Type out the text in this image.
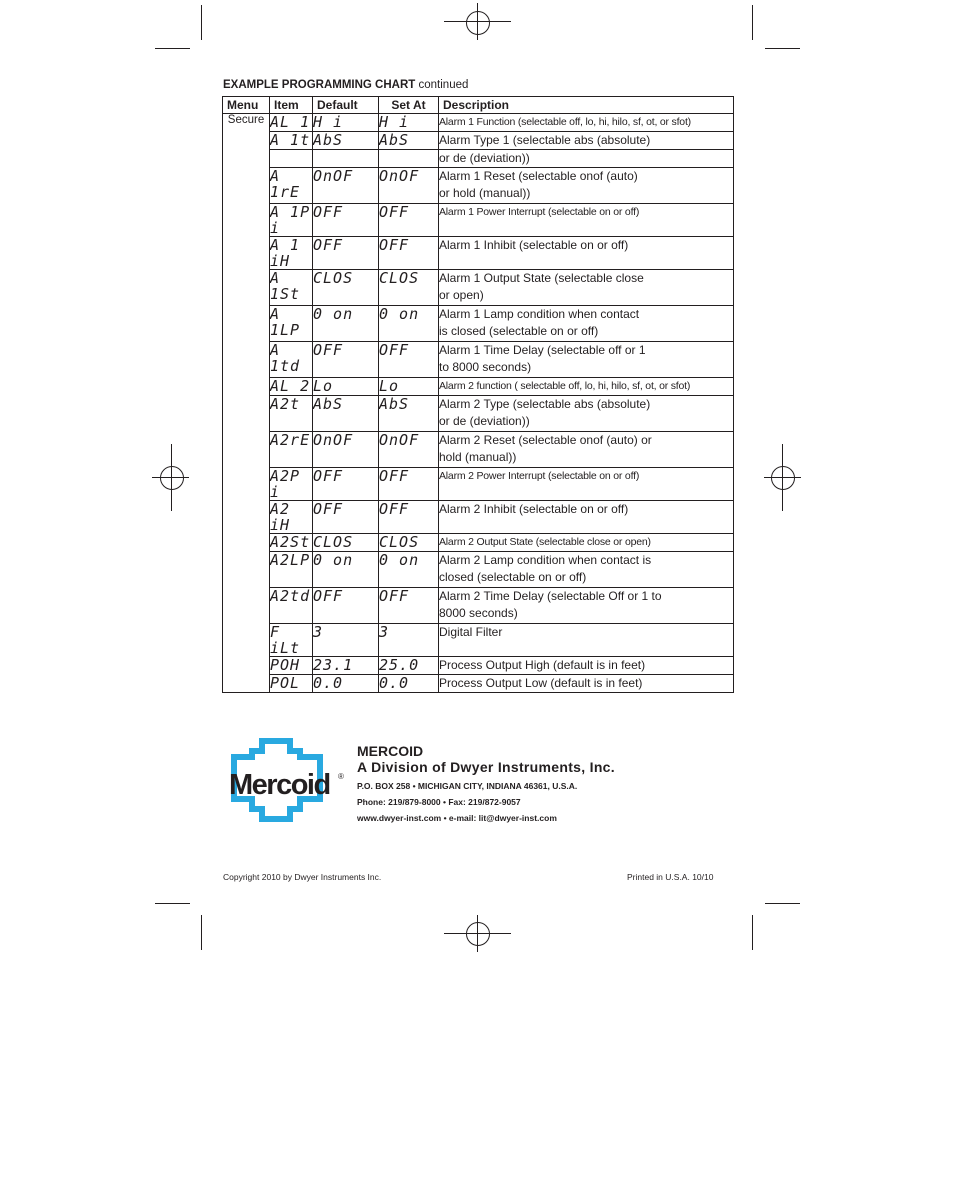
EXAMPLE PROGRAMMING CHART continued
Menu	Item	Default	Set At	Description
Secure	AL 1	H i	H i	Alarm 1 Function (selectable off, lo, hi, hilo, sf, ot, or sfot)

	A 1t	AbS	AbS	Alarm Type 1 (selectable abs (absolute)

				or de (deviation))

	A 1rE	OnOF	OnOF	Alarm 1 Reset (selectable onof (auto)
or hold (manual))

	A 1P i	OFF	OFF	Alarm 1 Power Interrupt (selectable on or off)

	A 1 iH	OFF	OFF	Alarm 1 Inhibit (selectable on or off)

	A 1St	CLOS	CLOS	Alarm 1 Output State (selectable close
or open)

	A 1LP	0 on	0 on	Alarm 1 Lamp condition when contact
is closed (selectable on or off)

	A 1td	OFF	OFF	Alarm 1 Time Delay (selectable off or 1
to 8000 seconds)

	AL 2	Lo	Lo	Alarm 2 function ( selectable off, lo, hi, hilo, sf, ot, or sfot)

	A2t	AbS	AbS	Alarm 2 Type (selectable abs (absolute)
or de (deviation))

	A2rE	OnOF	OnOF	Alarm 2 Reset (selectable onof (auto) or
hold (manual))

	A2P i	OFF	OFF	Alarm 2 Power Interrupt (selectable on or off)

	A2 iH	OFF	OFF	Alarm 2 Inhibit (selectable on or off)

	A2St	CLOS	CLOS	Alarm 2 Output State (selectable close or open)

	A2LP	0 on	0 on	Alarm 2 Lamp condition when contact is
closed (selectable on or off)

	A2td	OFF	OFF	Alarm 2 Time Delay (selectable Off or 1 to
8000 seconds)

	F iLt	3	3	Digital Filter

	POH	23.1	25.0	Process Output High (default is in feet)

	POL	0.0	0.0	Process Output Low (default is in feet)
Mercoid ®
MERCOID
A Division of Dwyer Instruments, Inc.
P.O. BOX 258 • MICHIGAN CITY, INDIANA 46361, U.S.A.
Phone: 219/879-8000 • Fax: 219/872-9057
www.dwyer-inst.com • e-mail: lit@dwyer-inst.com
Copyright 2010 by Dwyer Instruments Inc.	Printed in U.S.A. 10/10
